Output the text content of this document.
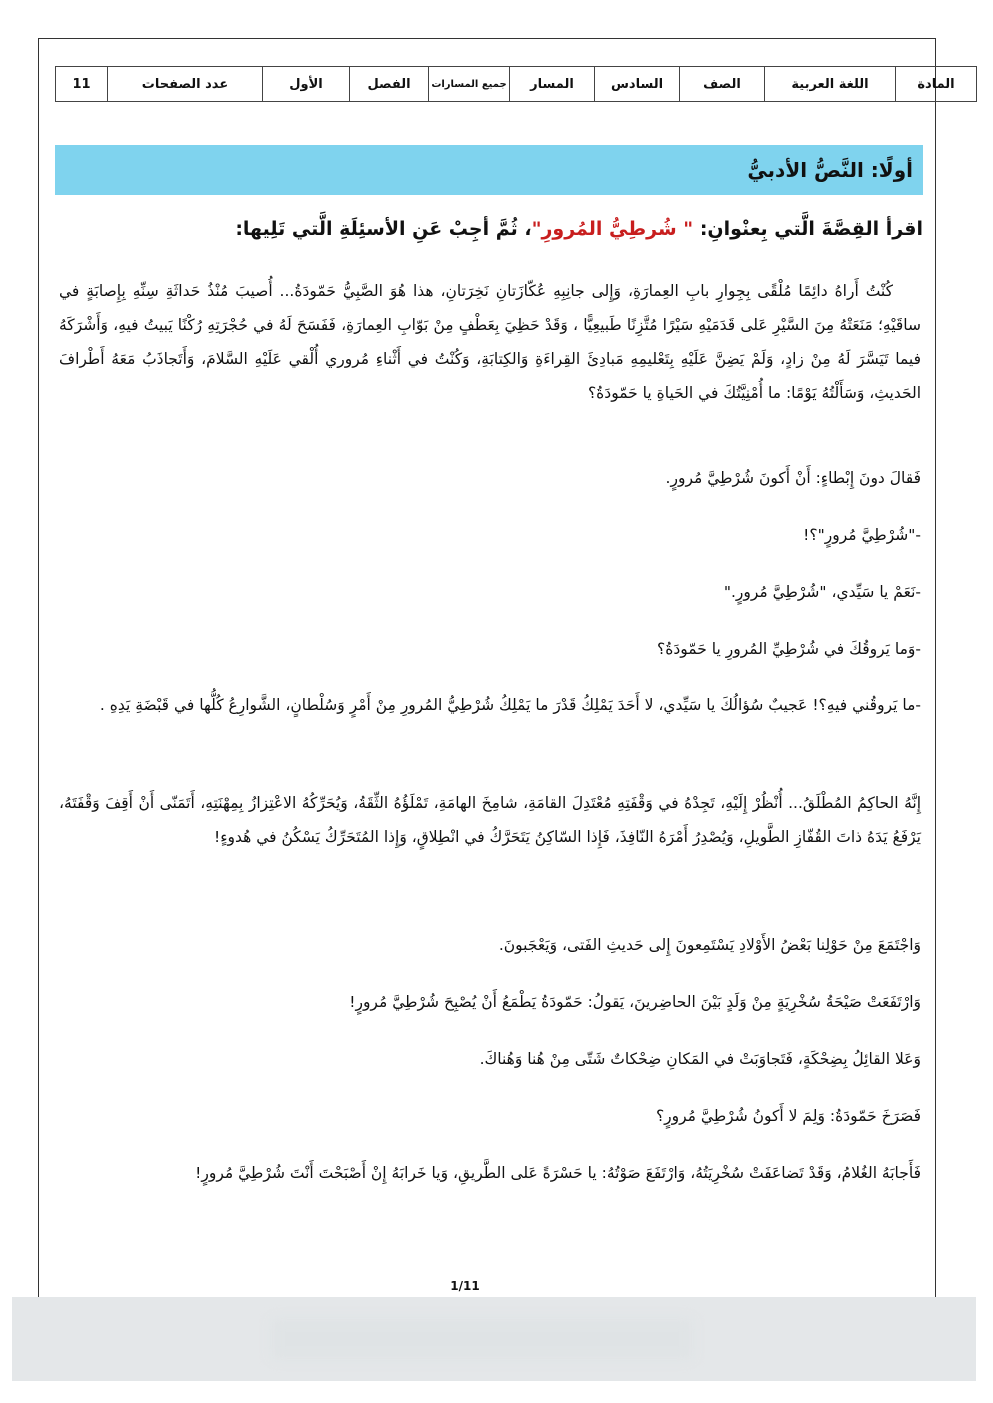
المادة	اللغة العربية	الصف	السادس	المسار	جميع المسارات	الفصل	الأول	عدد الصفحات	11
أولًا: النَّصُّ الأدبيُّ
اقرأ القِصَّةَ الَّتي بِعنْوانِ: " شُرطِيُّ المُرورِ"، ثُمَّ أجِبْ عَنِ الأسئِلَةِ الَّتي تَلِيها:
كُنْتُ أَراهُ دائِمًا مُلْقًى بِجِوارِ بابِ العِمارَةِ، وَإِلى جانِبِهِ عُكّازَتانِ نَخِرَتانِ، هذا هُوَ الصَّبِيُّ حَمّودَةُ... أُصيبَ مُنْذُ حَداثَةِ سِنِّهِ بِإِصابَةٍ في ساقَيْهِ؛ مَنَعَتْهُ مِنَ السَّيْرِ عَلى قَدَمَيْهِ سَيْرًا مُتَّزِنًا طَبيعِيًّا ، وَقَدْ حَظِيَ بِعَطْفٍ مِنْ بَوّابِ العِمارَةِ، فَفَسَحَ لَهُ في حُجْرَتِهِ رُكْنًا يَبيتُ فيهِ، وَأَشْرَكَهُ فيما تَيَسَّرَ لَهُ مِنْ زادٍ، وَلَمْ يَضِنَّ عَلَيْهِ بِتَعْليمِهِ مَبادِئَ القِراءَةِ وَالكِتابَةِ، وَكُنْتُ في أَثْناءِ مُروري أُلْقي عَلَيْهِ السَّلامَ، وَأَتَجاذَبُ مَعَهُ أَطْرافَ الحَديثِ، وَسَأَلْتُهُ يَوْمًا: ما أُمْنِيَّتُكَ في الحَياةِ يا حَمّودَةُ؟
فَقالَ دونَ إِبْطاءٍ: أَنْ أَكونَ شُرْطِيَّ مُرورٍ.
-"شُرْطِيَّ مُرورٍ"؟!
-نَعَمْ يا سَيِّدي، "شُرْطِيَّ مُرورٍ."
-وَما يَروقُكَ في شُرْطِيِّ المُرورِ يا حَمّودَةُ؟
-ما يَروقُني فيهِ؟! عَجيبٌ سُؤالُكَ يا سَيِّدي، لا أَحَدَ يَمْلِكُ قَدْرَ ما يَمْلِكُ شُرْطِيُّ المُرورِ مِنْ أَمْرٍ وَسُلْطانٍ، الشَّوارِعُ كُلُّها في قَبْضَةِ يَدِهِ .
إِنَّهُ الحاكِمُ المُطْلَقُ... أُنْظُرْ إِلَيْهِ، تَجِدْهُ في وَقْفَتِهِ مُعْتَدِلَ القامَةِ، شامِخَ الهامَةِ، تَمْلَؤُهُ الثِّقَةُ، وَيُحَرِّكُهُ الاعْتِزازُ بِمِهْنَتِهِ، أَتَمَنّى أَنْ أَقِفَ وَقْفَتَهُ، يَرْفَعُ يَدَهُ ذاتَ القُفّازِ الطَّويلِ، وَيُصْدِرُ أَمْرَهُ النّافِذَ، فَإِذا السّاكِنُ يَتَحَرَّكُ في انْطِلاقٍ، وَإِذا المُتَحَرِّكُ يَسْكُنُ في هُدوءٍ!
وَاجْتَمَعَ مِنْ حَوْلِنا بَعْضُ الأَوْلادِ يَسْتَمِعونَ إِلى حَديثِ الفَتى، وَيَعْجَبونَ.
وَارْتَفَعَتْ صَيْحَةُ سُخْرِيَةٍ مِنْ وَلَدٍ بَيْنَ الحاضِرينَ، يَقولُ: حَمّودَةُ يَطْمَعُ أَنْ يُصْبِحَ شُرْطِيَّ مُرورٍ!
وَعَلا القائِلُ بِضِحْكَةٍ، فَتَجاوَبَتْ في المَكانِ ضِحْكاتٌ شَتّى مِنْ هُنا وَهُناكَ.
فَصَرَخَ حَمّودَةُ: وَلِمَ لا أَكونُ شُرْطِيَّ مُرورٍ؟
فَأَجابَهُ الغُلامُ، وَقَدْ تَضاعَفَتْ سُخْرِيَتُهُ، وَارْتَفَعَ صَوْتُهُ: يا حَسْرَةً عَلى الطَّريقِ، وَيا خَرابَهُ إِنْ أَصْبَحْتَ أَنْتَ شُرْطِيَّ مُرورٍ!
1/11
